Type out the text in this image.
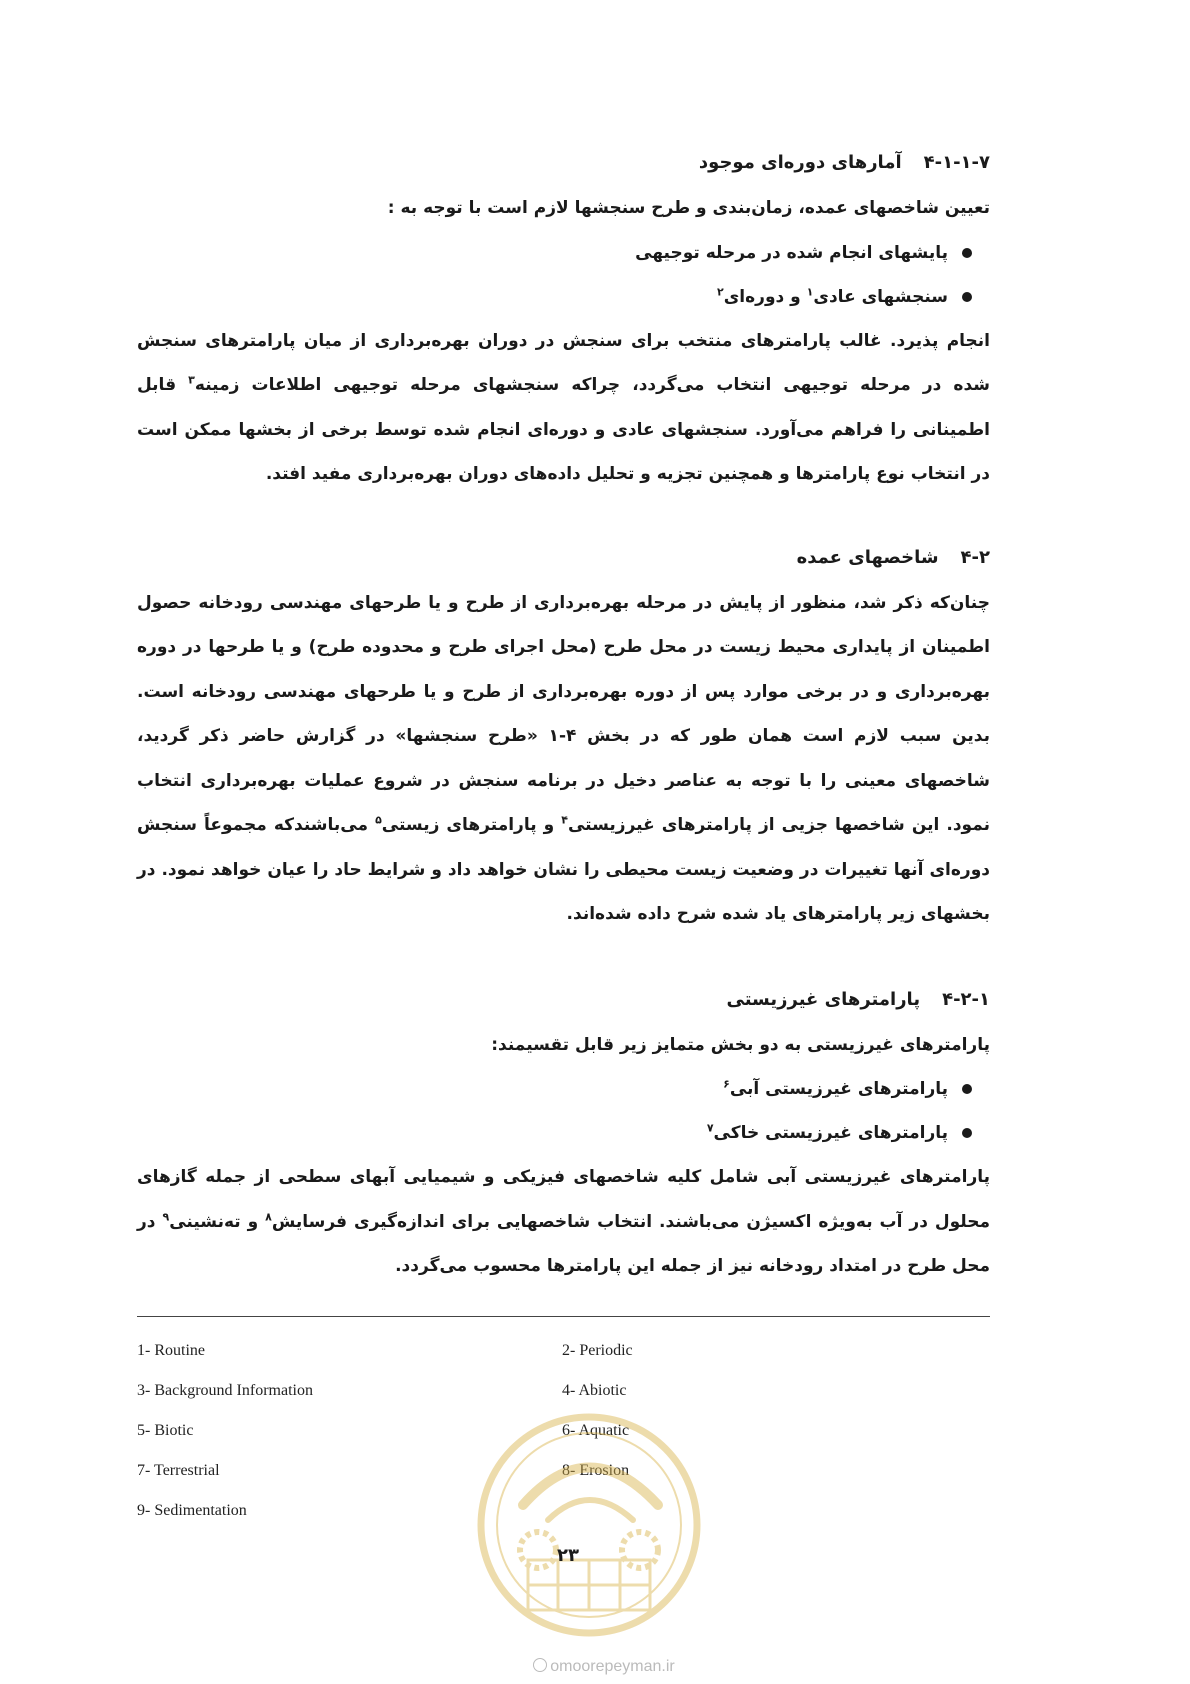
۴-۱-۱-۷آمارهای دوره‌ای موجود

تعیین شاخصهای عمده، زمان‌بندی و طرح سنجشها لازم است با توجه به :

پایشهای انجام شده در مرحله توجیهی
سنجشهای عادی$^۱$ و دوره‌ای$^۲$

انجام پذیرد. غالب پارامترهای منتخب برای سنجش در دوران بهره‌برداری از میان پارامترهای سنجش شده در مرحله توجیهی انتخاب می‌گردد، چراکه سنجشهای مرحله توجیهی اطلاعات زمینه$^۳$ قابل اطمینانی را فراهم می‌آورد. سنجشهای عادی و دوره‌ای انجام شده توسط برخی از بخشها ممکن است در انتخاب نوع پارامترها و همچنین تجزیه و تحلیل داده‌های دوران بهره‌برداری مفید افتد.

۴-۲شاخصهای عمده

چنان‌که ذکر شد، منظور از پایش در مرحله بهره‌برداری از طرح و یا طرحهای مهندسی رودخانه حصول اطمینان از پایداری محیط زیست در محل طرح (محل اجرای طرح و محدوده طرح) و یا طرحها در دوره بهره‌برداری و در برخی موارد پس از دوره بهره‌برداری از طرح و یا طرحهای مهندسی رودخانه است. بدین سبب لازم است همان طور که در بخش ۴-۱ «طرح سنجشها» در گزارش حاضر ذکر گردید، شاخصهای معینی را با توجه به عناصر دخیل در برنامه سنجش در شروع عملیات بهره‌برداری انتخاب نمود. این شاخصها جزیی از پارامترهای غیرزیستی$^۴$ و پارامترهای زیستی$^۵$ می‌باشندکه مجموعاً سنجش دوره‌ای آنها تغییرات در وضعیت زیست محیطی را نشان خواهد داد و شرایط حاد را عیان خواهد نمود. در بخشهای زیر پارامترهای یاد شده شرح داده شده‌اند.

۴-۲-۱پارامترهای غیرزیستی

پارامترهای غیرزیستی به دو بخش متمایز زیر قابل تقسیمند:

پارامترهای غیرزیستی آبی$^۶$
پارامترهای غیرزیستی خاکی$^۷$

پارامترهای غیرزیستی آبی شامل کلیه شاخصهای فیزیکی و شیمیایی آبهای سطحی از جمله گازهای محلول در آب به‌ویژه اکسیژن می‌باشند. انتخاب شاخصهایی برای اندازه‌گیری فرسایش$^۸$ و ته‌نشینی$^۹$ در محل طرح در امتداد رودخانه نیز از جمله این پارامترها محسوب می‌گردد.

1- Routine	2- Periodic
3- Background Information	4- Abiotic
5- Biotic	6- Aquatic
7- Terrestrial	8- Erosion
9- Sedimentation
۲۳
omoorepeyman.ir
